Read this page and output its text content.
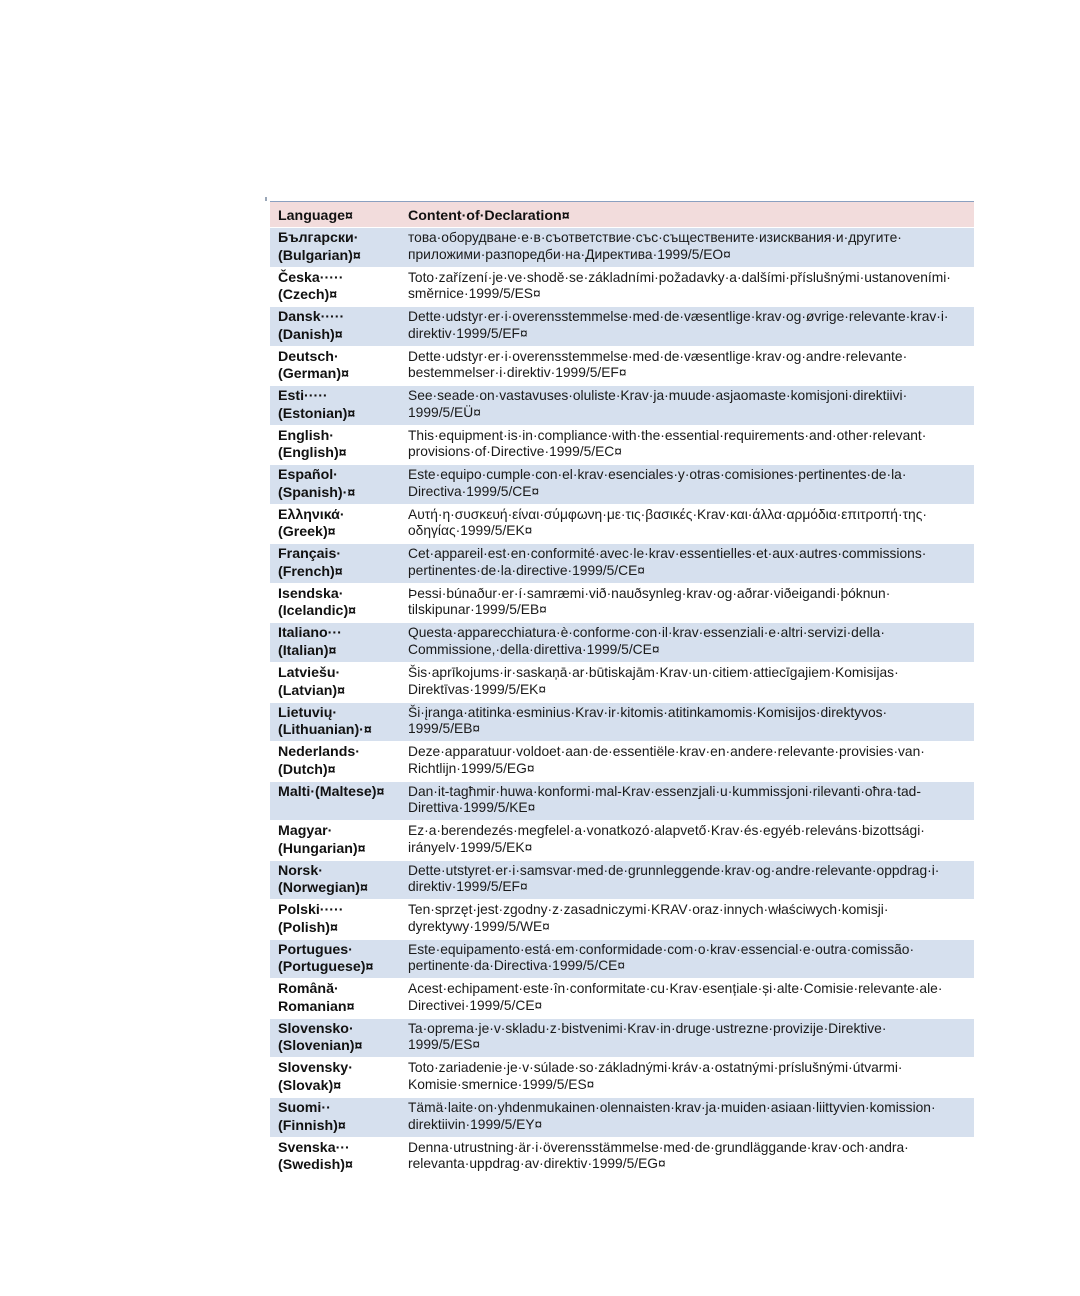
Language¤	Content·of·Declaration¤

Български·
(Bulgarian)¤	това·оборудване·е·в·съответствие·със·съществените·изисквания·и·другите·
приложими·разпоредби·на·Директива·1999/5/EO¤

Česka·····
(Czech)¤	Toto·zařízení·je·ve·shodě·se·základními·požadavky·a·dalšími·příslušnými·ustanoveními·
směrnice·1999/5/ES¤

Dansk·····
(Danish)¤	Dette·udstyr·er·i·overensstemmelse·med·de·væsentlige·krav·og·øvrige·relevante·krav·i·
direktiv·1999/5/EF¤

Deutsch·
(German)¤	Dette·udstyr·er·i·overensstemmelse·med·de·væsentlige·krav·og·andre·relevante·
bestemmelser·i·direktiv·1999/5/EF¤

Esti·····
(Estonian)¤	See·seade·on·vastavuses·oluliste·Krav·ja·muude·asjaomaste·komisjoni·direktiivi·
1999/5/EÜ¤

English·
(English)¤	This·equipment·is·in·compliance·with·the·essential·requirements·and·other·relevant·
provisions·of·Directive·1999/5/EC¤

Español·
(Spanish)·¤	Este·equipo·cumple·con·el·krav·esenciales·y·otras·comisiones·pertinentes·de·la·
Directiva·1999/5/CE¤

Ελληνικά·
(Greek)¤	Αυτή·η·συσκευή·είναι·σύμφωνη·με·τις·βασικές·Krav·και·άλλα·αρμόδια·επιτροπή·της·
οδηγίας·1999/5/EK¤

Français·
(French)¤	Cet·appareil·est·en·conformité·avec·le·krav·essentielles·et·aux·autres·commissions·
pertinentes·de·la·directive·1999/5/CE¤

Isendska·
(Icelandic)¤	Þessi·búnaður·er·í·samræmi·við·nauðsynleg·krav·og·aðrar·viðeigandi·þóknun·
tilskipunar·1999/5/EB¤

Italiano···
(Italian)¤	Questa·apparecchiatura·è·conforme·con·il·krav·essenziali·e·altri·servizi·della·
Commissione,·della·direttiva·1999/5/CE¤

Latviešu·
(Latvian)¤	Šis·aprīkojums·ir·saskaņā·ar·būtiskajām·Krav·un·citiem·attiecīgajiem·Komisijas·
Direktīvas·1999/5/EK¤

Lietuvių·
(Lithuanian)·¤	Ši·įranga·atitinka·esminius·Krav·ir·kitomis·atitinkamomis·Komisijos·direktyvos·
1999/5/EB¤

Nederlands·
(Dutch)¤	Deze·apparatuur·voldoet·aan·de·essentiële·krav·en·andere·relevante·provisies·van·
Richtlijn·1999/5/EG¤

Malti·(Maltese)¤	Dan·it-tagħmir·huwa·konformi·mal-Krav·essenzjali·u·kummissjoni·rilevanti·oħra·tad-
Direttiva·1999/5/KE¤

Magyar·
(Hungarian)¤	Ez·a·berendezés·megfelel·a·vonatkozó·alapvető·Krav·és·egyéb·releváns·bizottsági·
irányelv·1999/5/EK¤

Norsk·
(Norwegian)¤	Dette·utstyret·er·i·samsvar·med·de·grunnleggende·krav·og·andre·relevante·oppdrag·i·
direktiv·1999/5/EF¤

Polski·····
(Polish)¤	Ten·sprzęt·jest·zgodny·z·zasadniczymi·KRAV·oraz·innych·właściwych·komisji·
dyrektywy·1999/5/WE¤

Portugues·
(Portuguese)¤	Este·equipamento·está·em·conformidade·com·o·krav·essencial·e·outra·comissão·
pertinente·da·Directiva·1999/5/CE¤

Română·
Romanian¤	Acest·echipament·este·în·conformitate·cu·Krav·esențiale·și·alte·Comisie·relevante·ale·
Directivei·1999/5/CE¤

Slovensko·
(Slovenian)¤	Ta·oprema·je·v·skladu·z·bistvenimi·Krav·in·druge·ustrezne·provizije·Direktive·
1999/5/ES¤

Slovensky·
(Slovak)¤	Toto·zariadenie·je·v·súlade·so·základnými·kráv·a·ostatnými·príslušnými·útvarmi·
Komisie·smernice·1999/5/ES¤

Suomi··
(Finnish)¤	Tämä·laite·on·yhdenmukainen·olennaisten·krav·ja·muiden·asiaan·liittyvien·komission·
direktiivin·1999/5/EY¤

Svenska···
(Swedish)¤	Denna·utrustning·är·i·överensstämmelse·med·de·grundläggande·krav·och·andra·
relevanta·uppdrag·av·direktiv·1999/5/EG¤
